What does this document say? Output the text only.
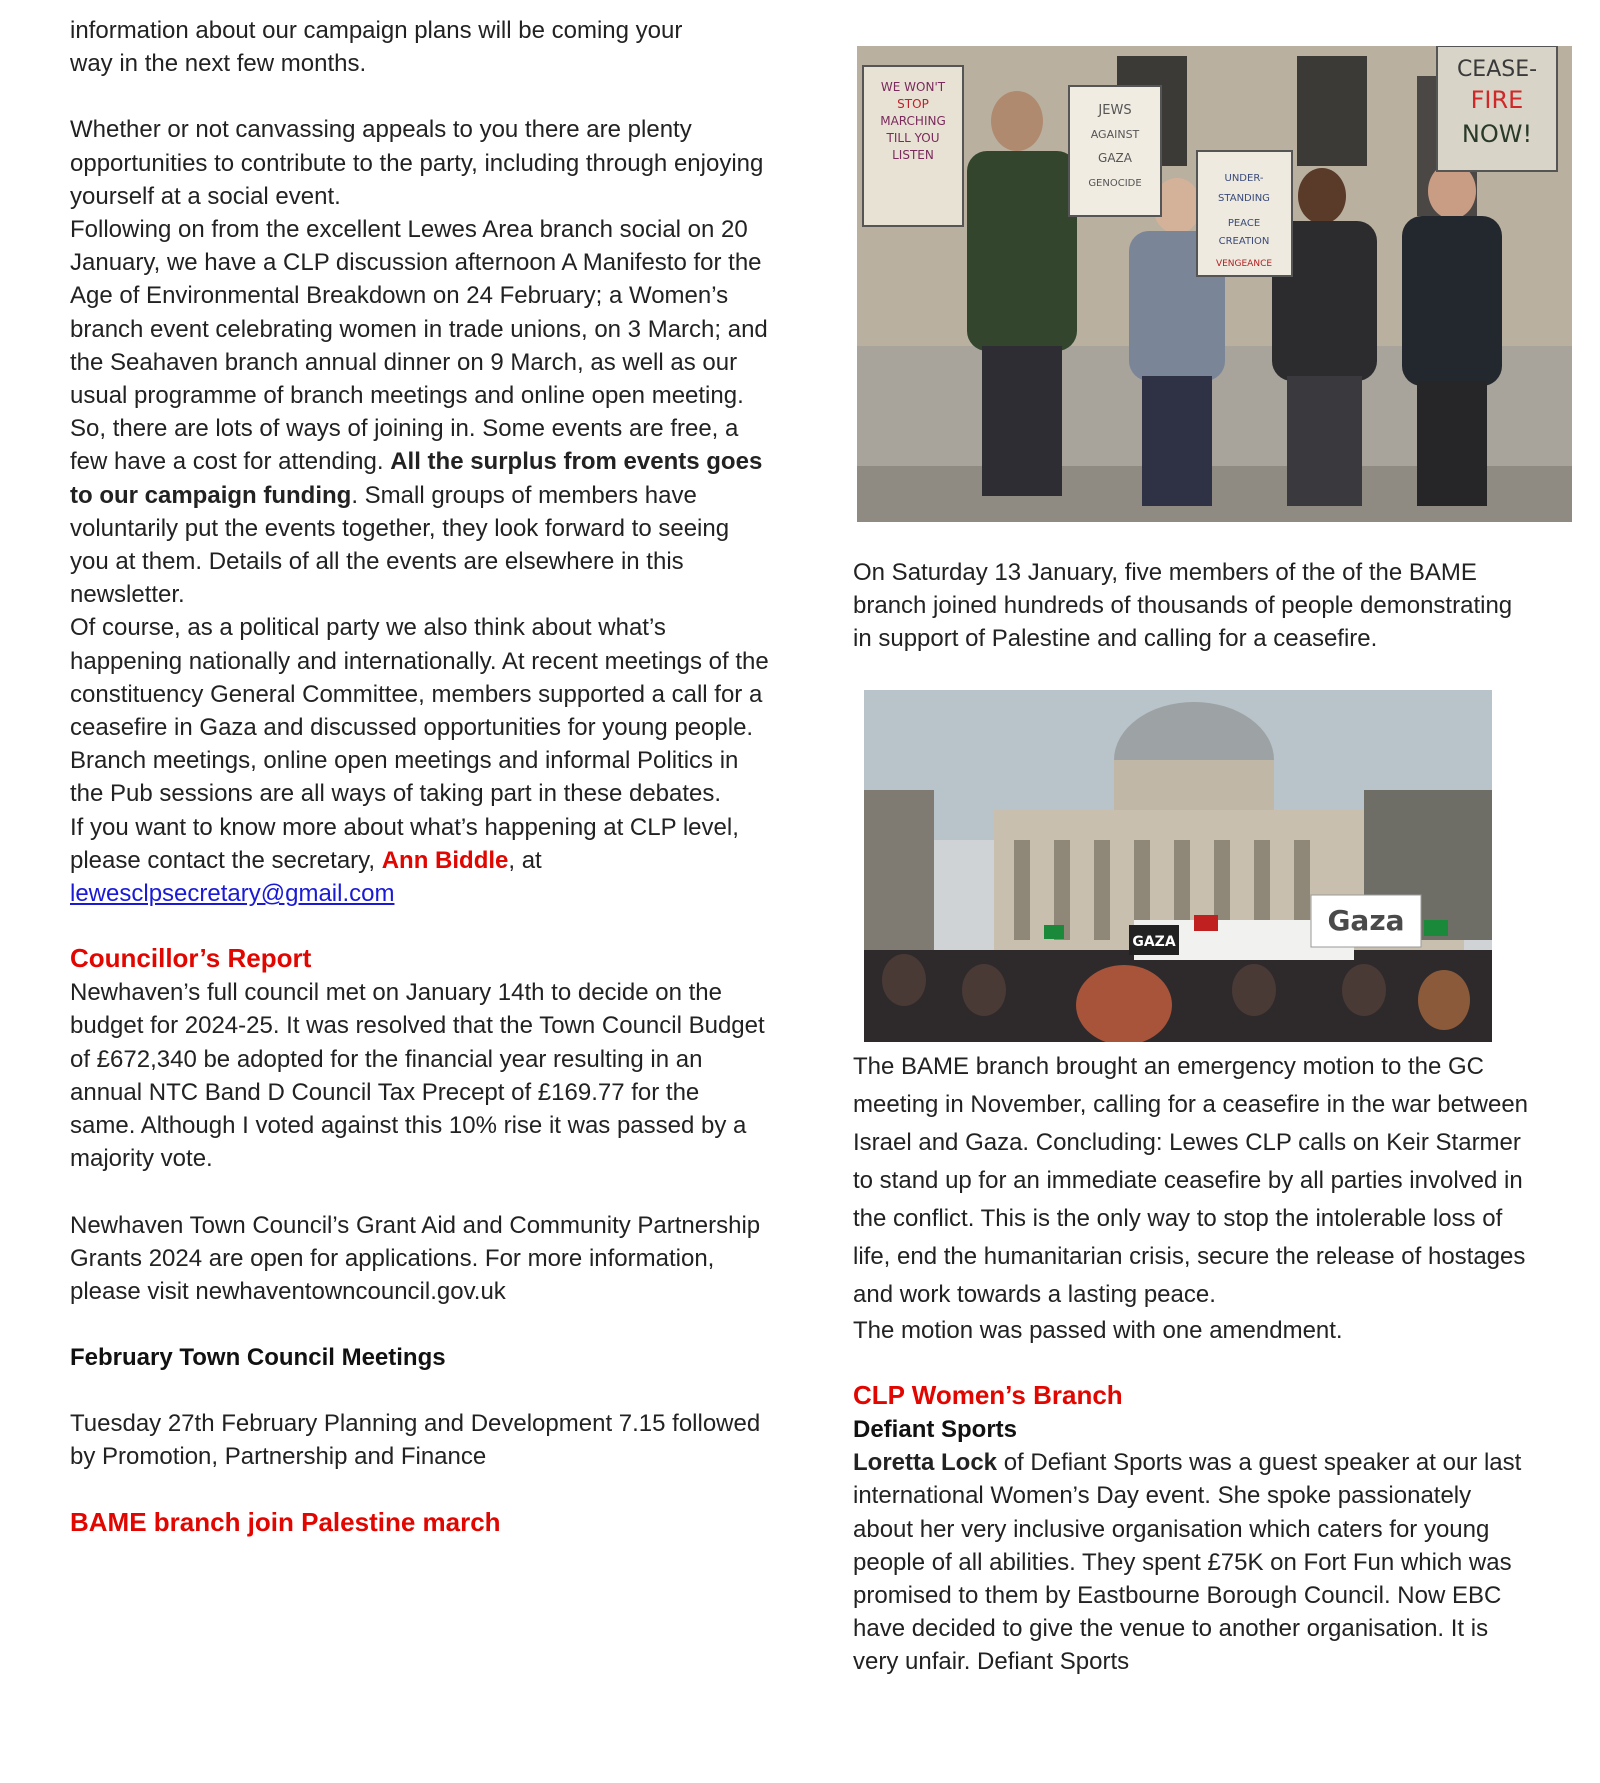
information about our campaign plans will be coming your

way in the next few months.

Whether or not canvassing appeals to you there are plenty opportunities to contribute to the party, including through enjoying yourself at a social event.

Following on from the excellent Lewes Area branch social on 20 January, we have a CLP discussion afternoon A Manifesto for the Age of Environmental Breakdown on 24 February; a Women’s branch event celebrating women in trade unions, on 3 March; and the Seahaven branch annual dinner on 9 March, as well as our usual programme of branch meetings and online open meeting. So, there are lots of ways of joining in. Some events are free, a few have a cost for attending. All the surplus from events goes to our campaign funding. Small groups of members have voluntarily put the events together, they look forward to seeing you at them. Details of all the events are elsewhere in this newsletter.

Of course, as a political party we also think about what’s happening nationally and internationally. At recent meetings of the constituency General Committee, members supported a call for a ceasefire in Gaza and discussed opportunities for young people. Branch meetings, online open meetings and informal Politics in the Pub sessions are all ways of taking part in these debates.

If you want to know more about what’s happening at CLP level, please contact the secretary, Ann Biddle, at
lewesclpsecretary@gmail.com

Councillor’s Report

Newhaven’s full council met on January 14th to decide on the budget for 2024-25. It was resolved that the Town Council Budget of £672,340 be adopted for the financial year resulting in an annual NTC Band D Council Tax Precept of £169.77 for the same. Although I voted against this 10% rise it was passed by a majority vote.

Newhaven Town Council’s Grant Aid and Community Partnership Grants 2024 are open for applications. For more information, please visit newhaventowncouncil.gov.uk

February Town Council Meetings

Tuesday 27th February Planning and Development 7.15 followed by Promotion, Partnership and Finance

BAME branch join Palestine march
WE WON'T
STOP
MARCHING
TILL YOU
LISTEN
JEWS
AGAINST
GAZA
GENOCIDE	UNDER-
STANDING
PEACE
CREATION
VENGEANCE
CEASE-
FIRE
NOW!

On Saturday 13 January, five members of the of the BAME branch joined hundreds of thousands of people demonstrating in support of Palestine and calling for a ceasefire.

Gaza
GAZA

The BAME branch brought an emergency motion to the GC meeting in November, calling for a ceasefire in the war between Israel and Gaza. Concluding: Lewes CLP calls on Keir Starmer to stand up for an immediate ceasefire by all parties involved in the conflict. This is the only way to stop the intolerable loss of life, end the humanitarian crisis, secure the release of hostages and work towards a lasting peace.

The motion was passed with one amendment.

CLP Women’s Branch

Defiant Sports

Loretta Lock of Defiant Sports was a guest speaker at our last international Women’s Day event. She spoke passionately about her very inclusive organisation which caters for young people of all abilities. They spent £75K on Fort Fun which was promised to them by Eastbourne Borough Council. Now EBC have decided to give the venue to another organisation. It is very unfair. Defiant Sports
